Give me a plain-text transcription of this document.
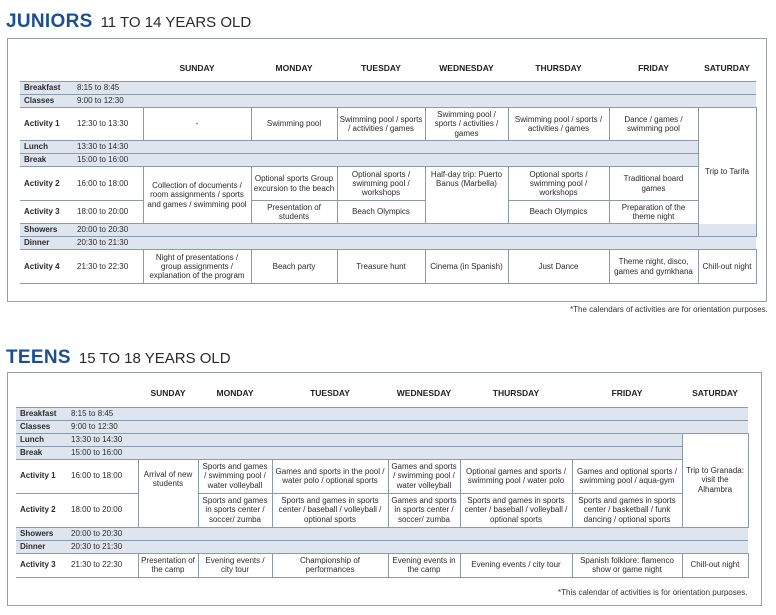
JUNIORS 11 TO 14 YEARS OLD
		SUNDAY	MONDAY	TUESDAY	WEDNESDAY	THURSDAY	FRIDAY	SATURDAY
Breakfast	8:15 to 8:45							
Classes	9:00 to 12:30							
Activity 1	12:30 to 13:30	-	Swimming pool	Swimming pool / sports / activities / games	Swimming pool / sports / activities / games	Swimming pool / sports / activities / games	Dance / games / swimming pool	Trip to Tarifa
Lunch	13:30 to 14:30							
Break	15:00 to 16:00							
Activity 2	16:00 to 18:00	Collection of documents / room assignments / sports and games / swimming pool	Optional sports Group excursion to the beach	Optional sports / swimming pool / workshops	Half-day trip: Puerto Banus (Marbella)	Optional sports / swimming pool / workshops	Traditional board games	
Activity 3	18:00 to 20:00		Presentation of students	Beach Olympics		Beach Olympics	Preparation of the theme night	
Showers	20:00 to 20:30							
Dinner	20:30 to 21:30							
Activity 4	21:30 to 22:30	Night of presentations / group assignments / explanation of the program	Beach party	Treasure hunt	Cinema (in Spanish)	Just Dance	Theme night, disco, games and gymkhana	Chill-out night
*The calendars of activities are for orientation purposes.
TEENS 15 TO 18 YEARS OLD
		SUNDAY	MONDAY	TUESDAY	WEDNESDAY	THURSDAY	FRIDAY	SATURDAY	
Breakfast	8:15 to 8:45								
Classes	9:00 to 12:30								
Lunch	13:30 to 14:30							Trip to Granada: visit the Alhambra	
Break	15:00 to 16:00								
Activity 1	16:00 to 18:00	Arrival of new students	Sports and games / swimming pool / water volleyball	Games and sports in the pool / water polo / optional sports	Games and sports / swimming pool / water volleyball	Optional games and sports / swimming pool / water polo	Games and optional sports / swimming pool / aqua-gym		
Activity 2	18:00 to 20:00		Sports and games in sports center / soccer/ zumba	Sports and games in sports center / baseball / volleyball / optional sports	Games and sports in sports center / soccer/ zumba	Sports and games in sports center / baseball / volleyball / optional sports	Sports and games in sports center / basketball / funk dancing / optional sports		
Showers	20:00 to 20:30								
Dinner	20:30 to 21:30								
Activity 3	21:30 to 22:30	Presentation of the camp	Evening events / city tour	Championship of performances	Evening events in the camp	Evening events / city tour	Spanish folklore: flamenco show or game night	Chill-out night	
*This calendar of activities is for orientation purposes.
